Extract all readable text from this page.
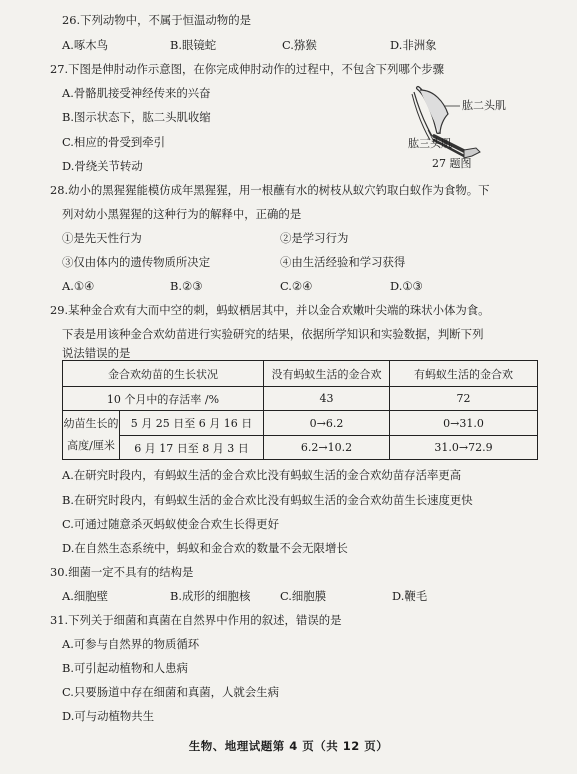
26.下列动物中，不属于恒温动物的是
A.啄木鸟	B.眼镜蛇	C.猕猴	D.非洲象
27.下图是伸肘动作示意图，在你完成伸肘动作的过程中，不包含下列哪个步骤
A.骨骼肌接受神经传来的兴奋
B.图示状态下，肱二头肌收缩
C.相应的骨受到牵引
D.骨绕关节转动
肱二头肌
肱三头肌
27 题图
28.幼小的黑猩猩能模仿成年黑猩猩，用一根蘸有水的树枝从蚁穴钓取白蚁作为食物。下
列对幼小黑猩猩的这种行为的解释中，正确的是
①是先天性行为	②是学习行为
③仅由体内的遗传物质所决定	④由生活经验和学习获得
A.①④	B.②③	C.②④	D.①③
29.某种金合欢有大而中空的刺，蚂蚁栖居其中，并以金合欢嫩叶尖端的珠状小体为食。
下表是用该种金合欢幼苗进行实验研究的结果，依据所学知识和实验数据，判断下列
说法错误的是
金合欢幼苗的生长状况	没有蚂蚁生活的金合欢	有蚂蚁生活的金合欢
10 个月中的存活率 /%	43	72
幼苗生长的
高度/厘米
5 月 25 日至 6 月 16 日	0→6.2	0→31.0
6 月 17 日至 8 月 3 日	6.2→10.2	31.0→72.9
A.在研究时段内，有蚂蚁生活的金合欢比没有蚂蚁生活的金合欢幼苗存活率更高
B.在研究时段内，有蚂蚁生活的金合欢比没有蚂蚁生活的金合欢幼苗生长速度更快
C.可通过随意杀灭蚂蚁使金合欢生长得更好
D.在自然生态系统中，蚂蚁和金合欢的数量不会无限增长
30.细菌一定不具有的结构是
A.细胞壁	B.成形的细胞核	C.细胞膜	D.鞭毛
31.下列关于细菌和真菌在自然界中作用的叙述，错误的是
A.可参与自然界的物质循环
B.可引起动植物和人患病
C.只要肠道中存在细菌和真菌，人就会生病
D.可与动植物共生
生物、地理试题第 4 页（共 12 页）
